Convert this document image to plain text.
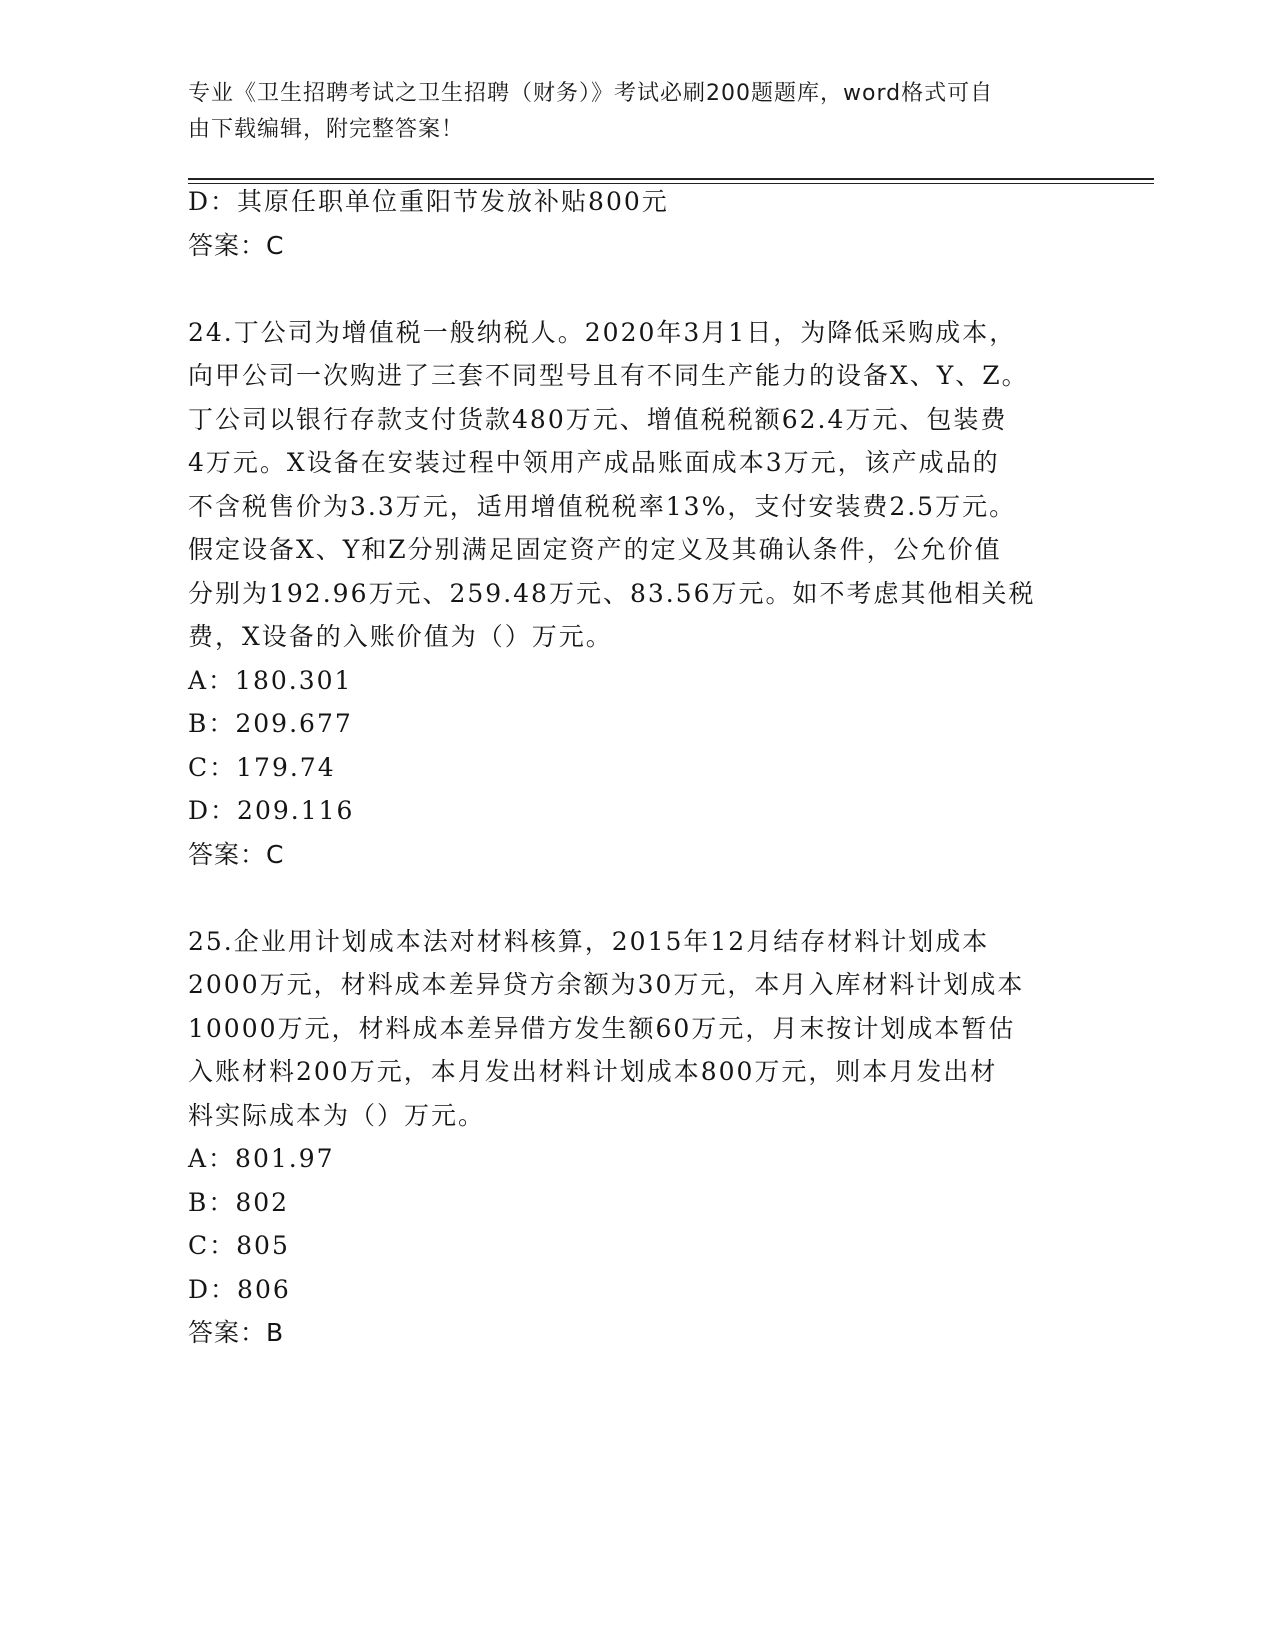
专业《卫生招聘考试之卫生招聘（财务）》考试必刷200题题库，word格式可自
由下载编辑，附完整答案！
D：其原任职单位重阳节发放补贴800元
答案：C
24.丁公司为增值税一般纳税人。2020年3月1日，为降低采购成本，
向甲公司一次购进了三套不同型号且有不同生产能力的设备X、Y、Z。
丁公司以银行存款支付货款480万元、增值税税额62.4万元、包装费
4万元。X设备在安装过程中领用产成品账面成本3万元，该产成品的
不含税售价为3.3万元，适用增值税税率13%，支付安装费2.5万元。
假定设备X、Y和Z分别满足固定资产的定义及其确认条件，公允价值
分别为192.96万元、259.48万元、83.56万元。如不考虑其他相关税
费，X设备的入账价值为（）万元。
A：180.301
B：209.677
C：179.74
D：209.116
答案：C
25.企业用计划成本法对材料核算，2015年12月结存材料计划成本
2000万元，材料成本差异贷方余额为30万元，本月入库材料计划成本
10000万元，材料成本差异借方发生额60万元，月末按计划成本暂估
入账材料200万元，本月发出材料计划成本800万元，则本月发出材
料实际成本为（）万元。
A：801.97
B：802
C：805
D：806
答案：B
